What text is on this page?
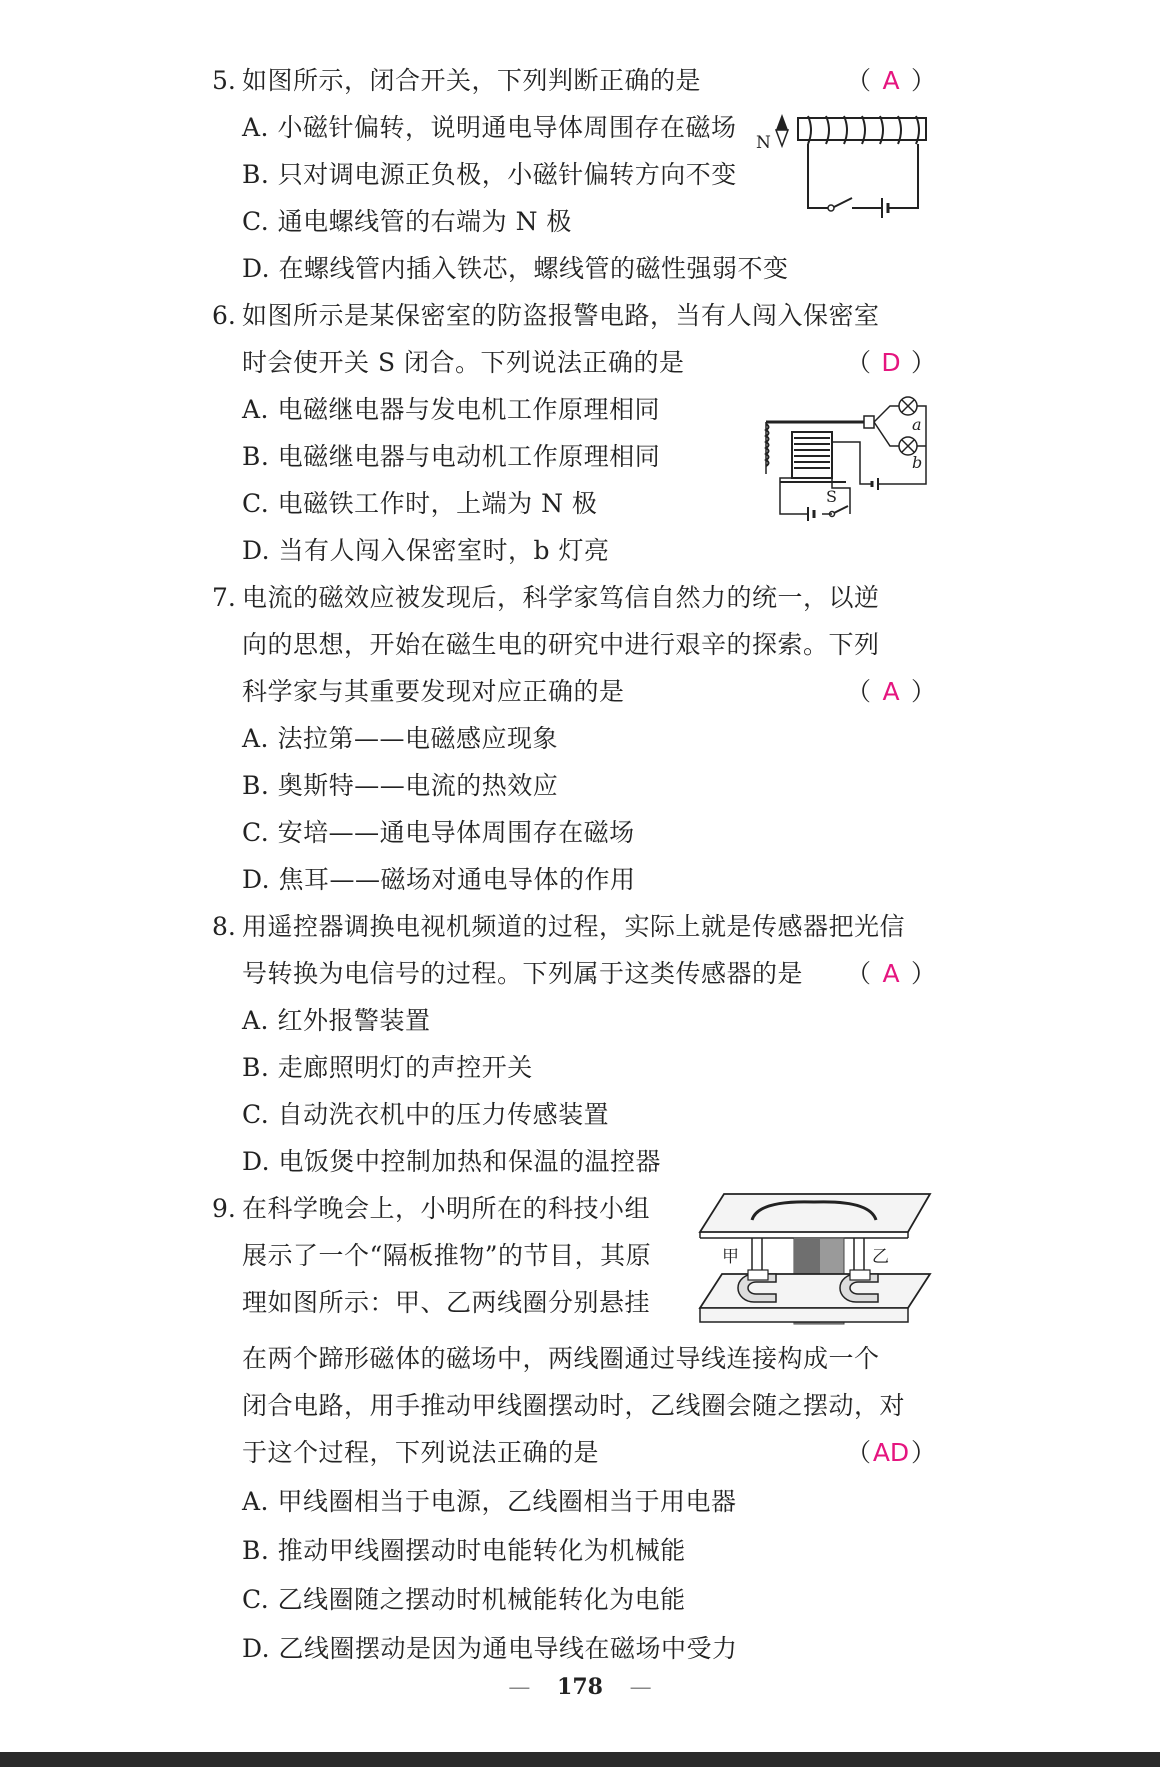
5. 如图所示，闭合开关，下列判断正确的是	（ A ）
A. 小磁针偏转，说明通电导体周围存在磁场
B. 只对调电源正负极，小磁针偏转方向不变
C. 通电螺线管的右端为 N 极
D. 在螺线管内插入铁芯，螺线管的磁性强弱不变
N
6. 如图所示是某保密室的防盗报警电路，当有人闯入保密室
时会使开关 S 闭合。下列说法正确的是	（ D ）
A. 电磁继电器与发电机工作原理相同
B. 电磁继电器与电动机工作原理相同
C. 电磁铁工作时，上端为 N 极
D. 当有人闯入保密室时，b 灯亮
a
b
S
7. 电流的磁效应被发现后，科学家笃信自然力的统一，以逆
向的思想，开始在磁生电的研究中进行艰辛的探索。下列
科学家与其重要发现对应正确的是	（ A ）
A. 法拉第——电磁感应现象
B. 奥斯特——电流的热效应
C. 安培——通电导体周围存在磁场
D. 焦耳——磁场对通电导体的作用
8. 用遥控器调换电视机频道的过程，实际上就是传感器把光信
号转换为电信号的过程。下列属于这类传感器的是 （ A ）
A. 红外报警装置
B. 走廊照明灯的声控开关
C. 自动洗衣机中的压力传感装置
D. 电饭煲中控制加热和保温的温控器
9. 在科学晚会上，小明所在的科技小组
展示了一个“隔板推物”的节目，其原
理如图所示：甲、乙两线圈分别悬挂
在两个蹄形磁体的磁场中，两线圈通过导线连接构成一个
闭合电路，用手推动甲线圈摆动时，乙线圈会随之摆动，对
于这个过程，下列说法正确的是	（AD）
A. 甲线圈相当于电源，乙线圈相当于用电器
B. 推动甲线圈摆动时电能转化为机械能
C. 乙线圈随之摆动时机械能转化为电能
D. 乙线圈摆动是因为通电导线在磁场中受力
甲	乙
— 178 —
